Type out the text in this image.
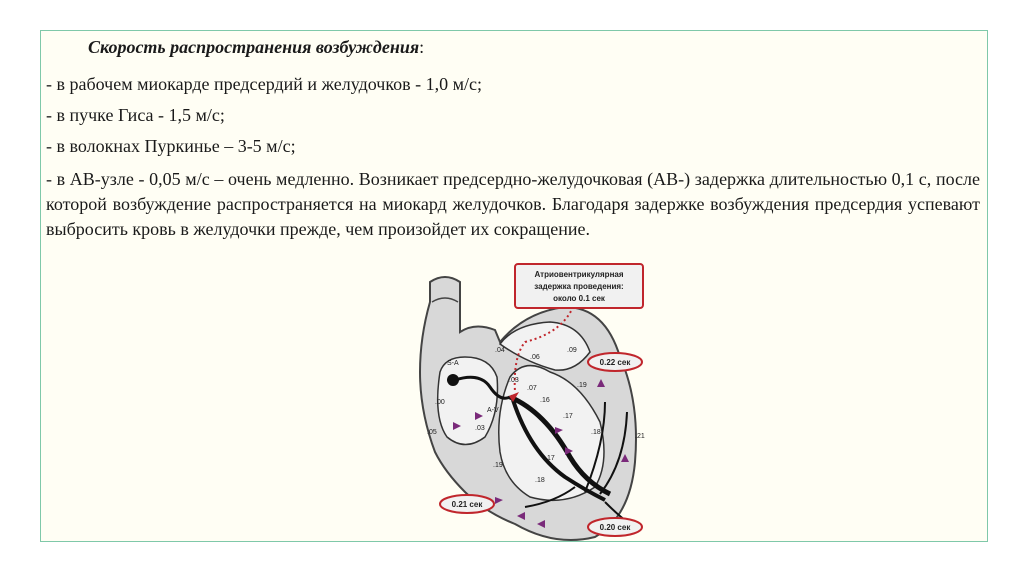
Скорость распространения возбуждения:
- в рабочем миокарде предсердий и желудочков - 1,0 м/с;
- в пучке Гиса - 1,5 м/с;
- в волокнах Пуркинье – 3-5 м/с;
- в АВ-узле - 0,05 м/с – очень медленно. Возникает предсердно-желудочковая (АВ-) задержка длительностью 0,1 с, после которой возбуждение распространяется на миокард желудочков. Благодаря задержке возбуждения предсердия успевают выбросить кровь в желудочки прежде, чем произойдет их сокращение.
Атриовентрикулярная
задержка проведения:
около 0.1 сек
0.22 сек
0.21 сек
0.20 сек
S-A
A-V
.00
.05
.03
.04
.06
.09
.03
.07	.19
.16
.17
.18
.21
.19
.18
.17
